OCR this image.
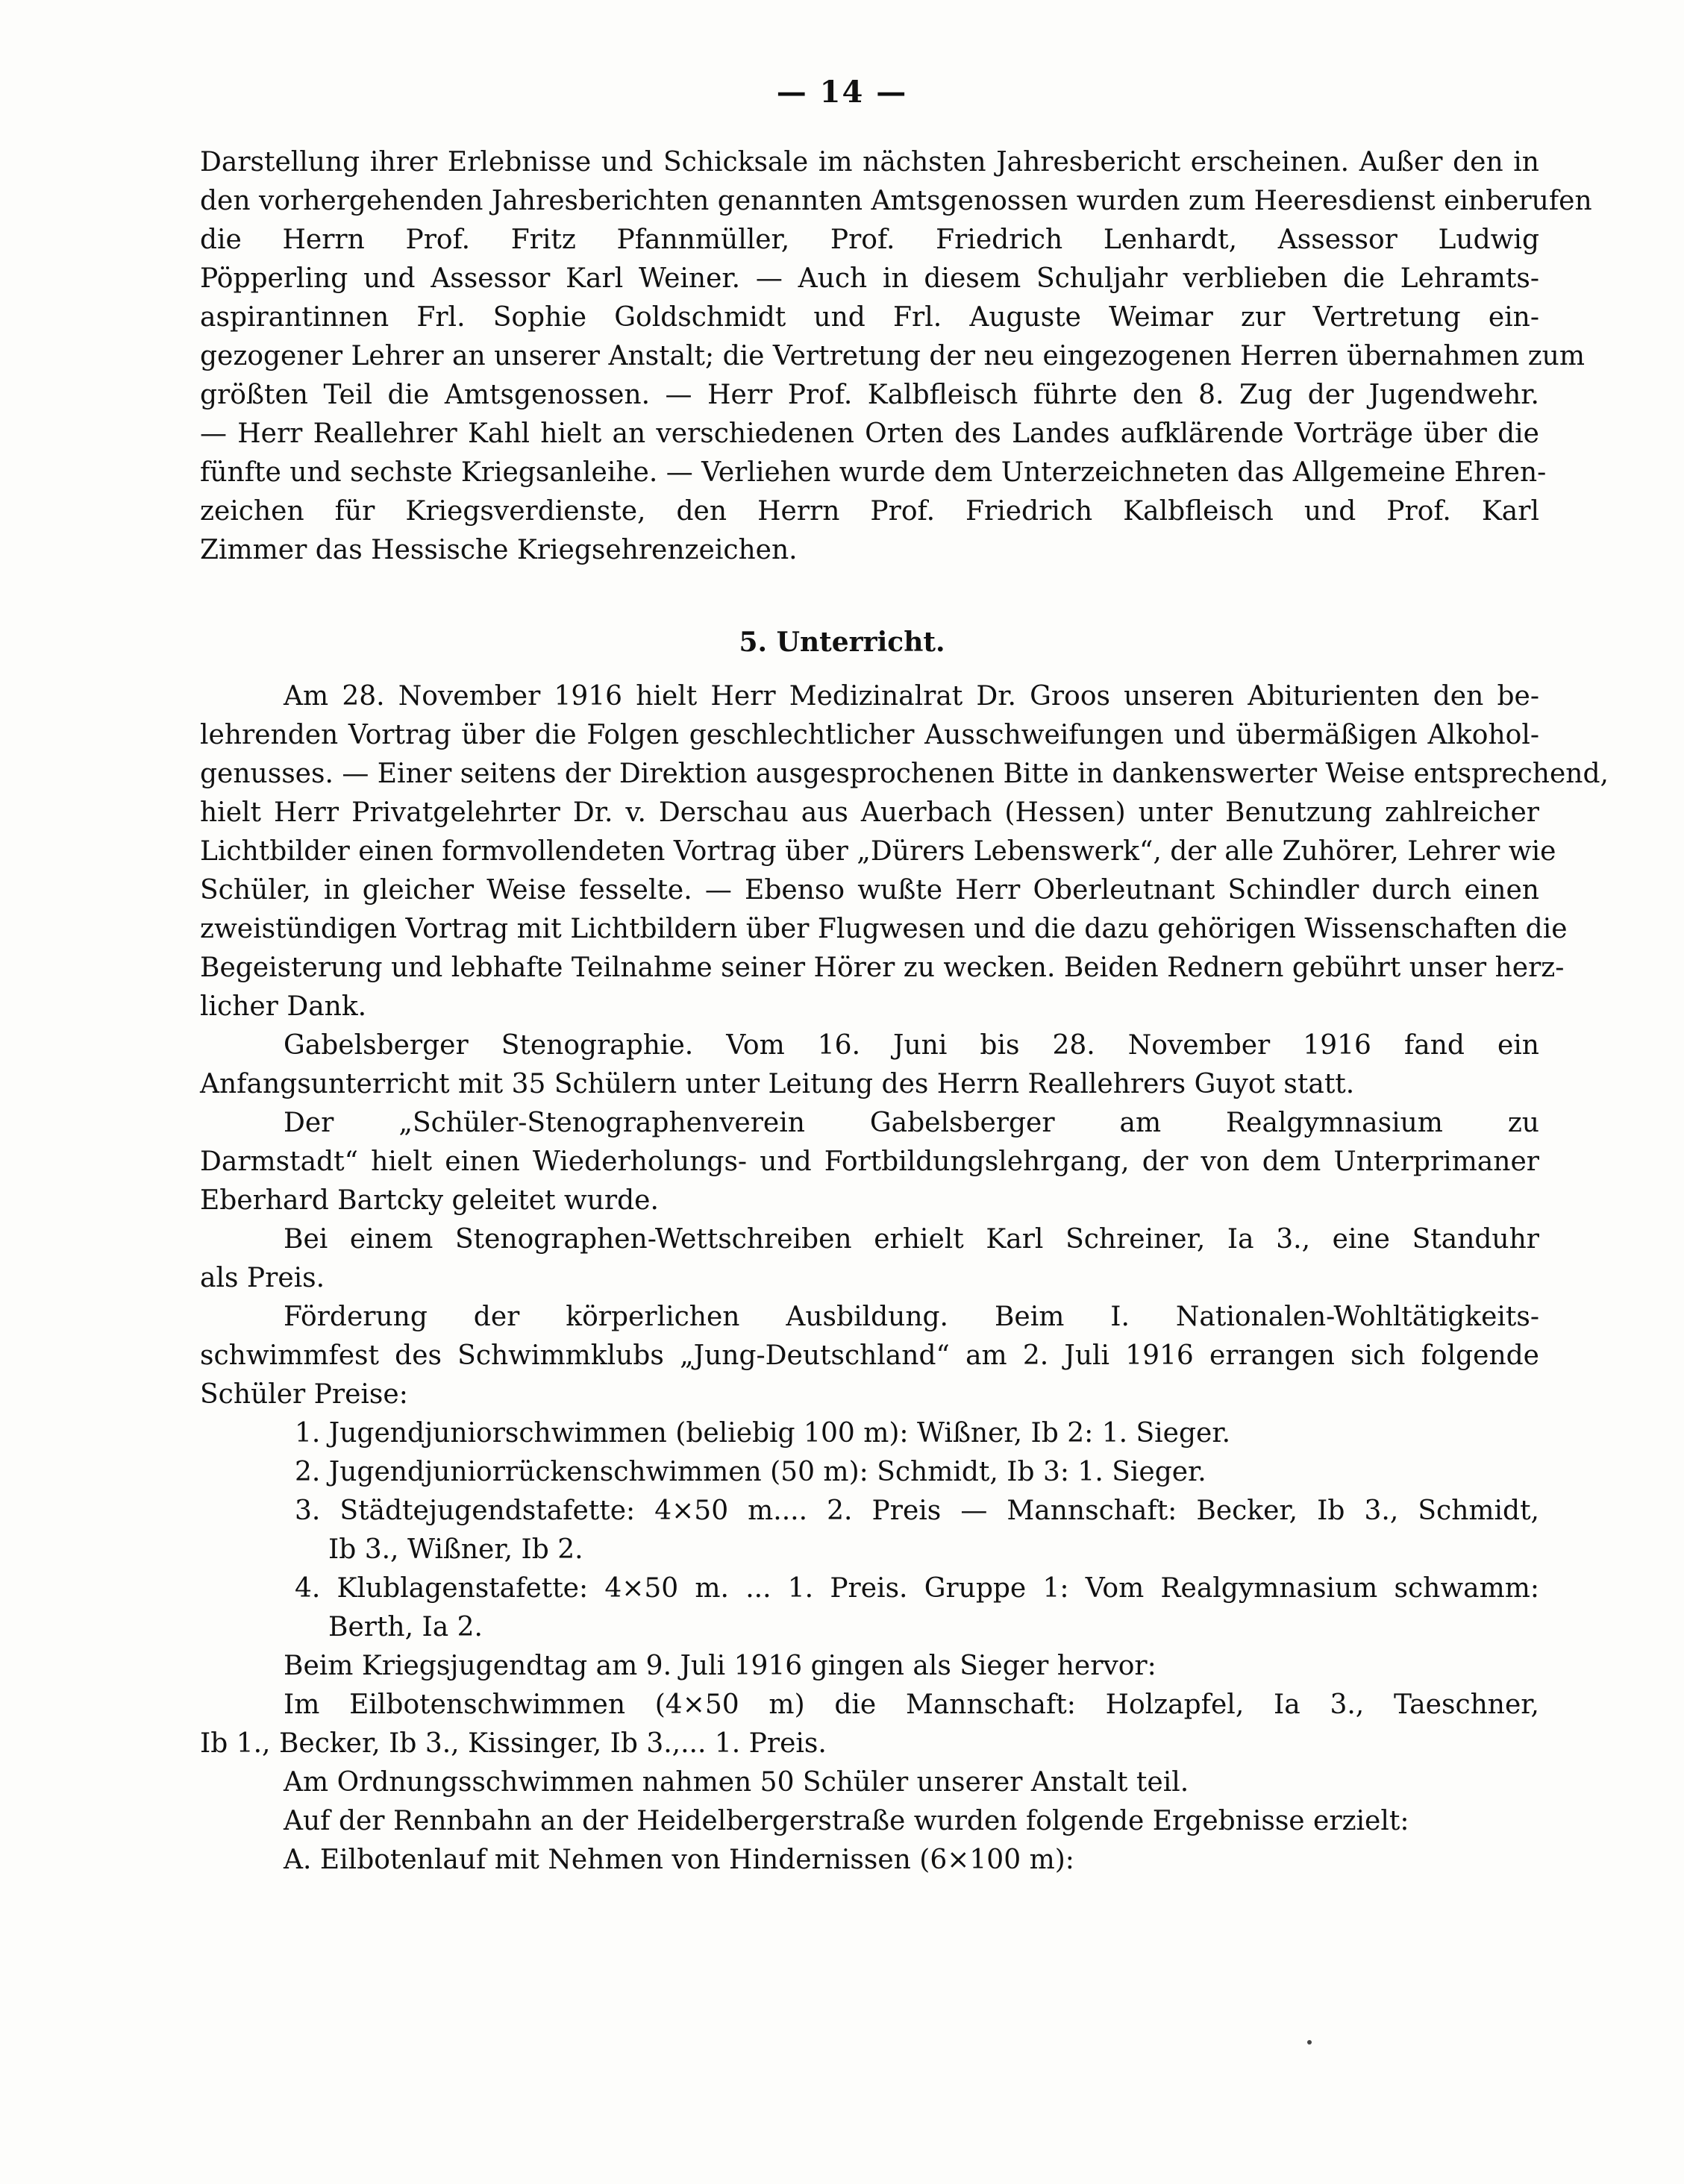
— 14 —

Darstellung ihrer Erlebnisse und Schicksale im nächsten Jahresbericht erscheinen. Außer den in

den vorhergehenden Jahresberichten genannten Amtsgenossen wurden zum Heeresdienst einberufen

die Herrn Prof. Fritz Pfannmüller, Prof. Friedrich Lenhardt, Assessor Ludwig

Pöpperling und Assessor Karl Weiner. — Auch in diesem Schuljahr verblieben die Lehramts-

aspirantinnen Frl. Sophie Goldschmidt und Frl. Auguste Weimar zur Vertretung ein-

gezogener Lehrer an unserer Anstalt; die Vertretung der neu eingezogenen Herren übernahmen zum

größten Teil die Amtsgenossen. — Herr Prof. Kalbfleisch führte den 8. Zug der Jugendwehr.

— Herr Reallehrer Kahl hielt an verschiedenen Orten des Landes aufklärende Vorträge über die

fünfte und sechste Kriegsanleihe. — Verliehen wurde dem Unterzeichneten das Allgemeine Ehren-

zeichen für Kriegsverdienste, den Herrn Prof. Friedrich Kalbfleisch und Prof. Karl

Zimmer das Hessische Kriegsehrenzeichen.

5. Unterricht.

Am 28. November 1916 hielt Herr Medizinalrat Dr. Groos unseren Abiturienten den be-

lehrenden Vortrag über die Folgen geschlechtlicher Ausschweifungen und übermäßigen Alkohol-

genusses. — Einer seitens der Direktion ausgesprochenen Bitte in dankenswerter Weise entsprechend,

hielt Herr Privatgelehrter Dr. v. Derschau aus Auerbach (Hessen) unter Benutzung zahlreicher

Lichtbilder einen formvollendeten Vortrag über „Dürers Lebenswerk“, der alle Zuhörer, Lehrer wie

Schüler, in gleicher Weise fesselte. — Ebenso wußte Herr Oberleutnant Schindler durch einen

zweistündigen Vortrag mit Lichtbildern über Flugwesen und die dazu gehörigen Wissenschaften die

Begeisterung und lebhafte Teilnahme seiner Hörer zu wecken. Beiden Rednern gebührt unser herz-

licher Dank.

Gabelsberger Stenographie. Vom 16. Juni bis 28. November 1916 fand ein

Anfangsunterricht mit 35 Schülern unter Leitung des Herrn Reallehrers Guyot statt.

Der „Schüler-Stenographenverein Gabelsberger am Realgymnasium zu

Darmstadt“ hielt einen Wiederholungs- und Fortbildungslehrgang, der von dem Unterprimaner

Eberhard Bartcky geleitet wurde.

Bei einem Stenographen-Wettschreiben erhielt Karl Schreiner, Ia 3., eine Standuhr

als Preis.

Förderung der körperlichen Ausbildung. Beim I. Nationalen-Wohltätigkeits-

schwimmfest des Schwimmklubs „Jung-Deutschland“ am 2. Juli 1916 errangen sich folgende

Schüler Preise:

1. Jugendjuniorschwimmen (beliebig 100 m): Wißner, Ib 2: 1. Sieger.

2. Jugendjuniorrückenschwimmen (50 m): Schmidt, Ib 3: 1. Sieger.

3. Städtejugendstafette: 4×50 m.... 2. Preis — Mannschaft: Becker, Ib 3., Schmidt,

Ib 3., Wißner, Ib 2.

4. Klublagenstafette: 4×50 m. ... 1. Preis. Gruppe 1: Vom Realgymnasium schwamm:

Berth, Ia 2.

Beim Kriegsjugendtag am 9. Juli 1916 gingen als Sieger hervor:

Im Eilbotenschwimmen (4×50 m) die Mannschaft: Holzapfel, Ia 3., Taeschner,

Ib 1., Becker, Ib 3., Kissinger, Ib 3.,... 1. Preis.

Am Ordnungsschwimmen nahmen 50 Schüler unserer Anstalt teil.

Auf der Rennbahn an der Heidelbergerstraße wurden folgende Ergebnisse erzielt:

A. Eilbotenlauf mit Nehmen von Hindernissen (6×100 m):
